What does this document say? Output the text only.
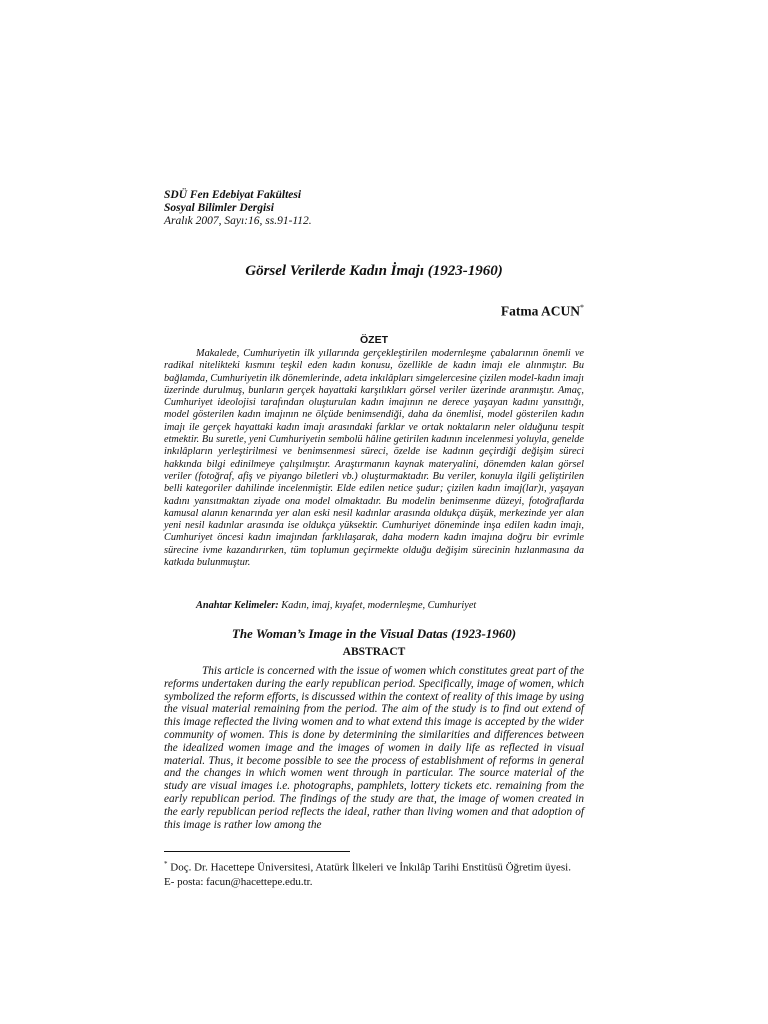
SDÜ Fen Edebiyat Fakültesi
Sosyal Bilimler Dergisi
Aralık 2007, Sayı:16, ss.91-112.
Görsel Verilerde Kadın İmajı (1923-1960)
Fatma ACUN*
ÖZET

Makalede, Cumhuriyetin ilk yıllarında gerçekleştirilen modernleşme çabalarının önemli ve radikal nitelikteki kısmını teşkil eden kadın konusu, özellikle de kadın imajı ele alınmıştır. Bu bağlamda, Cumhuriyetin ilk dönemlerinde, adeta inkılâpları simgelercesine çizilen model-kadın imajı üzerinde durulmuş, bunların gerçek hayattaki karşılıkları görsel veriler üzerinde aranmıştır. Amaç, Cumhuriyet ideolojisi tarafından oluşturulan kadın imajının ne derece yaşayan kadını yansıttığı, model gösterilen kadın imajının ne ölçüde benimsendiği, daha da önemlisi, model gösterilen kadın imajı ile gerçek hayattaki kadın imajı arasındaki farklar ve ortak noktaların neler olduğunu tespit etmektir. Bu suretle, yeni Cumhuriyetin sembolü hâline getirilen kadının incelenmesi yoluyla, genelde inkılâpların yerleştirilmesi ve benimsenmesi süreci, özelde ise kadının geçirdiği değişim süreci hakkında bilgi edinilmeye çalışılmıştır. Araştırmanın kaynak materyalini, dönemden kalan görsel veriler (fotoğraf, afiş ve piyango biletleri vb.) oluşturmaktadır. Bu veriler, konuyla ilgili geliştirilen belli kategoriler dahilinde incelenmiştir. Elde edilen netice şudur; çizilen kadın imaj(lar)ı, yaşayan kadını yansıtmaktan ziyade ona model olmaktadır. Bu modelin benimsenme düzeyi, fotoğraflarda kamusal alanın kenarında yer alan eski nesil kadınlar arasında oldukça düşük, merkezinde yer alan yeni nesil kadınlar arasında ise oldukça yüksektir. Cumhuriyet döneminde inşa edilen kadın imajı, Cumhuriyet öncesi kadın imajından farklılaşarak, daha modern kadın imajına doğru bir evrimle sürecine ivme kazandırırken, tüm toplumun geçirmekte olduğu değişim sürecinin hızlanmasına da katkıda bulunmuştur.

Anahtar Kelimeler: Kadın, imaj, kıyafet, modernleşme, Cumhuriyet
The Woman’s Image in the Visual Datas (1923-1960)
ABSTRACT

This article is concerned with the issue of women which constitutes great part of the reforms undertaken during the early republican period. Specifically, image of women, which symbolized the reform efforts, is discussed within the context of reality of this image by using the visual material remaining from the period. The aim of the study is to find out extend of this image reflected the living women and to what extend this image is accepted by the wider community of women. This is done by determining the similarities and differences between the idealized women image and the images of women in daily life as reflected in visual material. Thus, it become possible to see the process of establishment of reforms in general and the changes in which women went through in particular. The source material of the study are visual images i.e. photographs, pamphlets, lottery tickets etc. remaining from the early republican period. The findings of the study are that, the image of women created in the early republican period reflects the ideal, rather than living women and that adoption of this image is rather low among the

* Doç. Dr. Hacettepe Üniversitesi, Atatürk İlkeleri ve İnkılâp Tarihi Enstitüsü Öğretim üyesi. E- posta: facun@hacettepe.edu.tr.
